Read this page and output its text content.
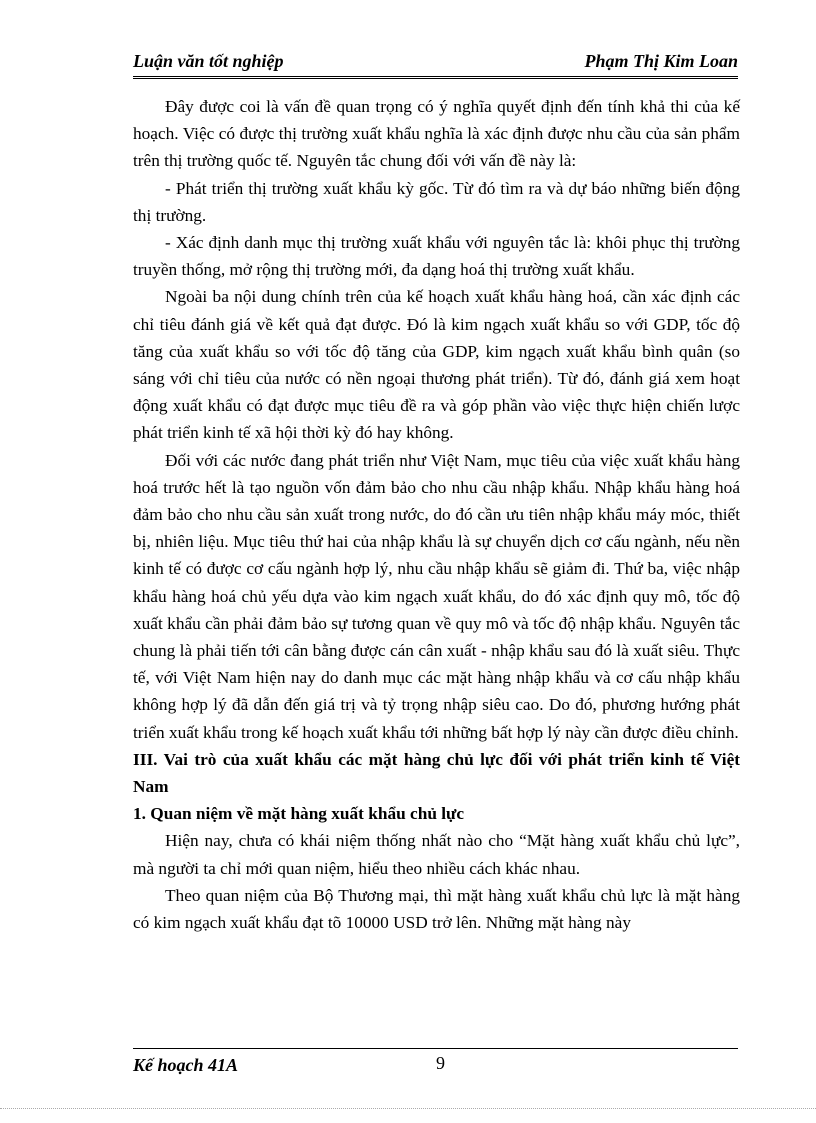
Luận văn tốt nghiệp	Phạm Thị Kim Loan

Đây được coi là vấn đề quan trọng có ý nghĩa quyết định đến tính khả thi của kế hoạch. Việc có được thị trường xuất khẩu nghĩa là xác định được nhu cầu của sản phẩm trên thị trường quốc tế. Nguyên tắc chung đối với vấn đề này là:

- Phát triển thị trường xuất khẩu kỳ gốc. Từ đó tìm ra và dự báo những biến động thị trường.

- Xác định danh mục thị trường xuất khẩu với nguyên tắc là: khôi phục thị trường truyền thống, mở rộng thị trường mới, đa dạng hoá thị trường xuất khẩu.

Ngoài ba nội dung chính trên của kế hoạch xuất khẩu hàng hoá, cần xác định các chỉ tiêu đánh giá về kết quả đạt được. Đó là kim ngạch xuất khẩu so với GDP, tốc độ tăng của xuất khẩu so với tốc độ tăng của GDP, kim ngạch xuất khẩu bình quân (so sáng với chỉ tiêu của nước có nền ngoại thương phát triển). Từ đó, đánh giá xem hoạt động xuất khẩu có đạt được mục tiêu đề ra và góp phần vào việc thực hiện chiến lược phát triển kinh tế xã hội thời kỳ đó hay không.

Đối với các nước đang phát triển như Việt Nam, mục tiêu của việc xuất khẩu hàng hoá trước hết là tạo nguồn vốn đảm bảo cho nhu cầu nhập khẩu. Nhập khẩu hàng hoá đảm bảo cho nhu cầu sản xuất trong nước, do đó cần ưu tiên nhập khẩu máy móc, thiết bị, nhiên liệu. Mục tiêu thứ hai của nhập khẩu là sự chuyển dịch cơ cấu ngành, nếu nền kinh tế có được cơ cấu ngành hợp lý, nhu cầu nhập khẩu sẽ giảm đi. Thứ ba, việc nhập khẩu hàng hoá chủ yếu dựa vào kim ngạch xuất khẩu, do đó xác định quy mô, tốc độ xuất khẩu cần phải đảm bảo sự tương quan về quy mô và tốc độ nhập khẩu. Nguyên tắc chung là phải tiến tới cân bằng được cán cân xuất - nhập khẩu sau đó là xuất siêu. Thực tế, với Việt Nam hiện nay do danh mục các mặt hàng nhập khẩu và cơ cấu nhập khẩu không hợp lý đã dẫn đến giá trị và tỷ trọng nhập siêu cao. Do đó, phương hướng phát triển xuất khẩu trong kế hoạch xuất khẩu tới những bất hợp lý này cần được điều chỉnh.

III. Vai trò của xuất khẩu các mặt hàng chủ lực đối với phát triển kinh tế Việt Nam
1. Quan niệm về mặt hàng xuất khẩu chủ lực

Hiện nay, chưa có khái niệm thống nhất nào cho “Mặt hàng xuất khẩu chủ lực”, mà người ta chỉ mới quan niệm, hiểu theo nhiều cách khác nhau.

Theo quan niệm của Bộ Thương mại, thì mặt hàng xuất khẩu chủ lực là mặt hàng có kim ngạch xuất khẩu đạt tõ 10000 USD trở lên. Những mặt hàng này

Kế hoạch 41A	9
